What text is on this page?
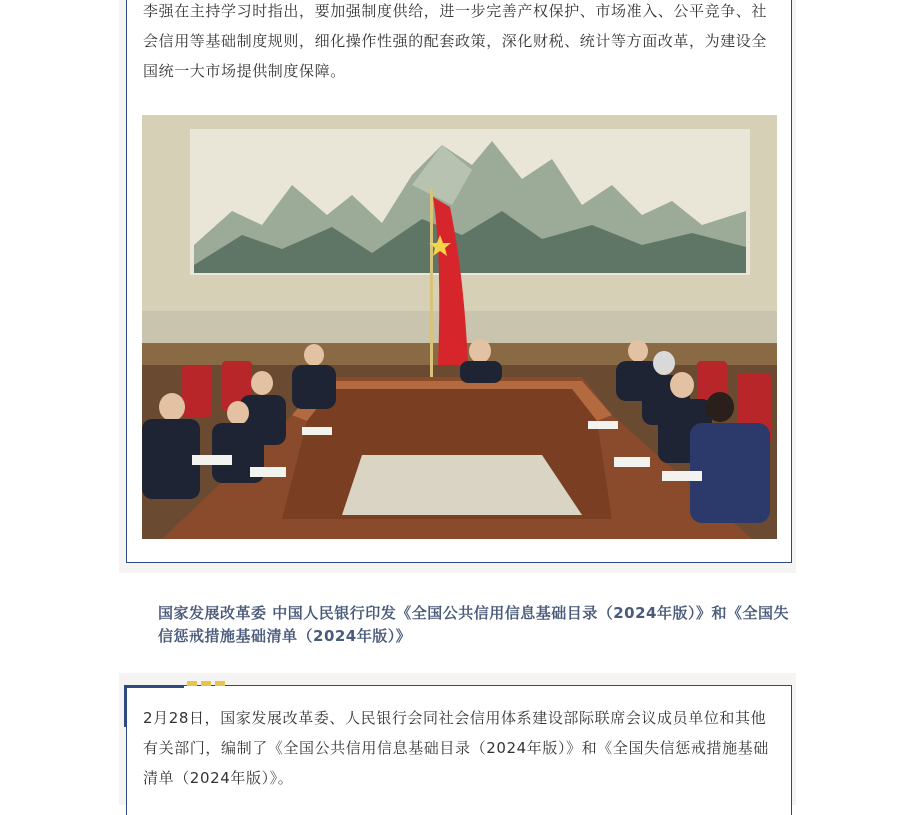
李强在主持学习时指出，要加强制度供给，进一步完善产权保护、市场准入、公平竞争、社会信用等基础制度规则，细化操作性强的配套政策，深化财税、统计等方面改革，为建设全国统一大市场提供制度保障。

国家发展改革委 中国人民银行印发《全国公共信用信息基础目录（2024年版）》和《全国失信惩戒措施基础清单（2024年版）》

2月28日，国家发展改革委、人民银行会同社会信用体系建设部际联席会议成员单位和其他有关部门，编制了《全国公共信用信息基础目录（2024年版）》和《全国失信惩戒措施基础清单（2024年版）》。
